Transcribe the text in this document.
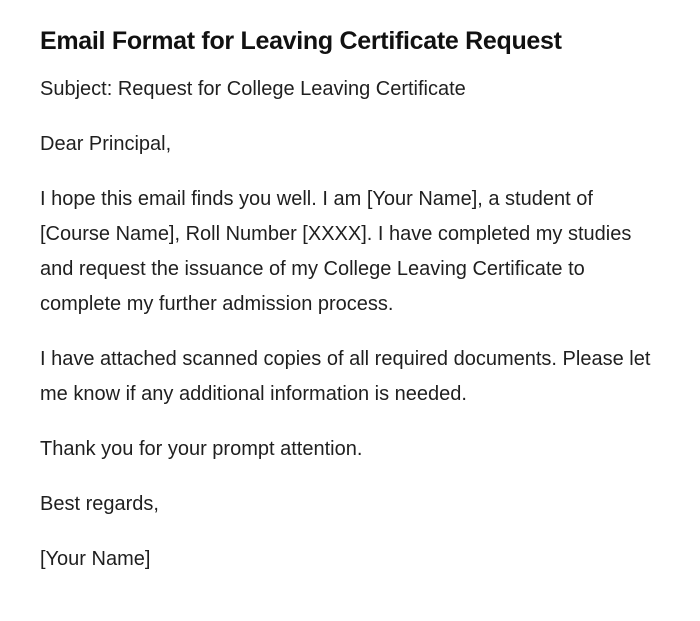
Email Format for Leaving Certificate Request

Subject: Request for College Leaving Certificate

Dear Principal,

I hope this email finds you well. I am [Your Name], a student of [Course Name], Roll Number [XXXX]. I have completed my studies and request the issuance of my College Leaving Certificate to complete my further admission process.

I have attached scanned copies of all required documents. Please let me know if any additional information is needed.

Thank you for your prompt attention.

Best regards,

[Your Name]
